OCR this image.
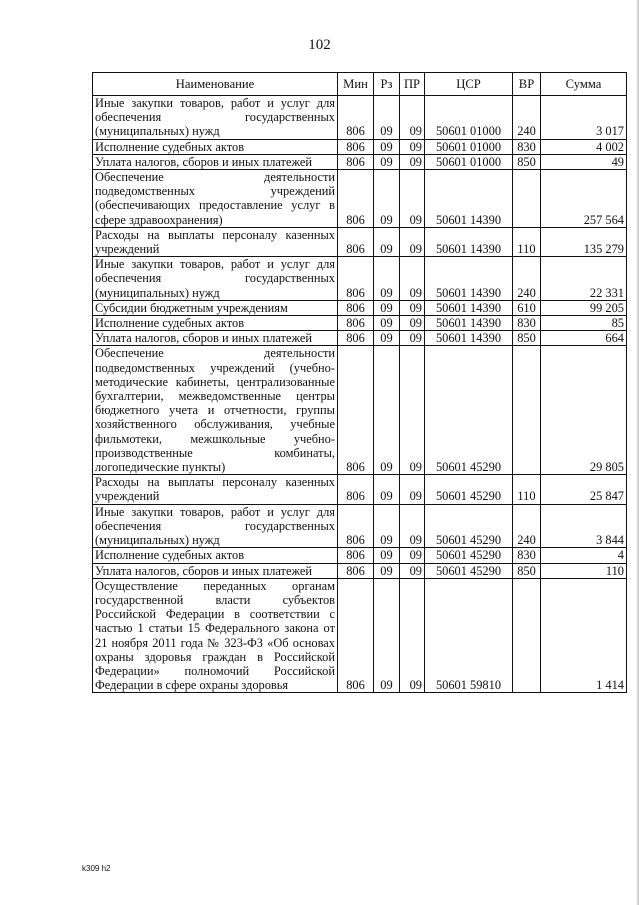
102
Наименование	Мин	Рз	ПР	ЦСР	ВР	Сумма
Иные закупки товаров, работ и услуг для обеспечения государственных (муниципальных) нужд	806	09	09	50601 01000	240	3 017
Исполнение судебных актов	806	09	09	50601 01000	830	4 002
Уплата налогов, сборов и иных платежей	806	09	09	50601 01000	850	49
Обеспечение деятельности подведомственных учреждений (обеспечивающих предоставление услуг в сфере здравоохранения)	806	09	09	50601 14390		257 564
Расходы на выплаты персоналу казенных учреждений	806	09	09	50601 14390	110	135 279
Иные закупки товаров, работ и услуг для обеспечения государственных (муниципальных) нужд	806	09	09	50601 14390	240	22 331
Субсидии бюджетным учреждениям	806	09	09	50601 14390	610	99 205
Исполнение судебных актов	806	09	09	50601 14390	830	85
Уплата налогов, сборов и иных платежей	806	09	09	50601 14390	850	664
Обеспечение деятельности подведомственных учреждений (учебно-методические кабинеты, централизованные бухгалтерии, межведомственные центры бюджетного учета и отчетности, группы хозяйственного обслуживания, учебные фильмотеки, межшкольные учебно-производственные комбинаты, логопедические пункты)	806	09	09	50601 45290		29 805
Расходы на выплаты персоналу казенных учреждений	806	09	09	50601 45290	110	25 847
Иные закупки товаров, работ и услуг для обеспечения государственных (муниципальных) нужд	806	09	09	50601 45290	240	3 844
Исполнение судебных актов	806	09	09	50601 45290	830	4
Уплата налогов, сборов и иных платежей	806	09	09	50601 45290	850	110
Осуществление переданных органам государственной власти субъектов Российской Федерации в соответствии с частью 1 статьи 15 Федерального закона от 21 ноября 2011 года № 323-ФЗ «Об основах охраны здоровья граждан в Российской Федерации» полномочий Российской Федерации в сфере охраны здоровья	806	09	09	50601 59810		1 414
k309 h2
